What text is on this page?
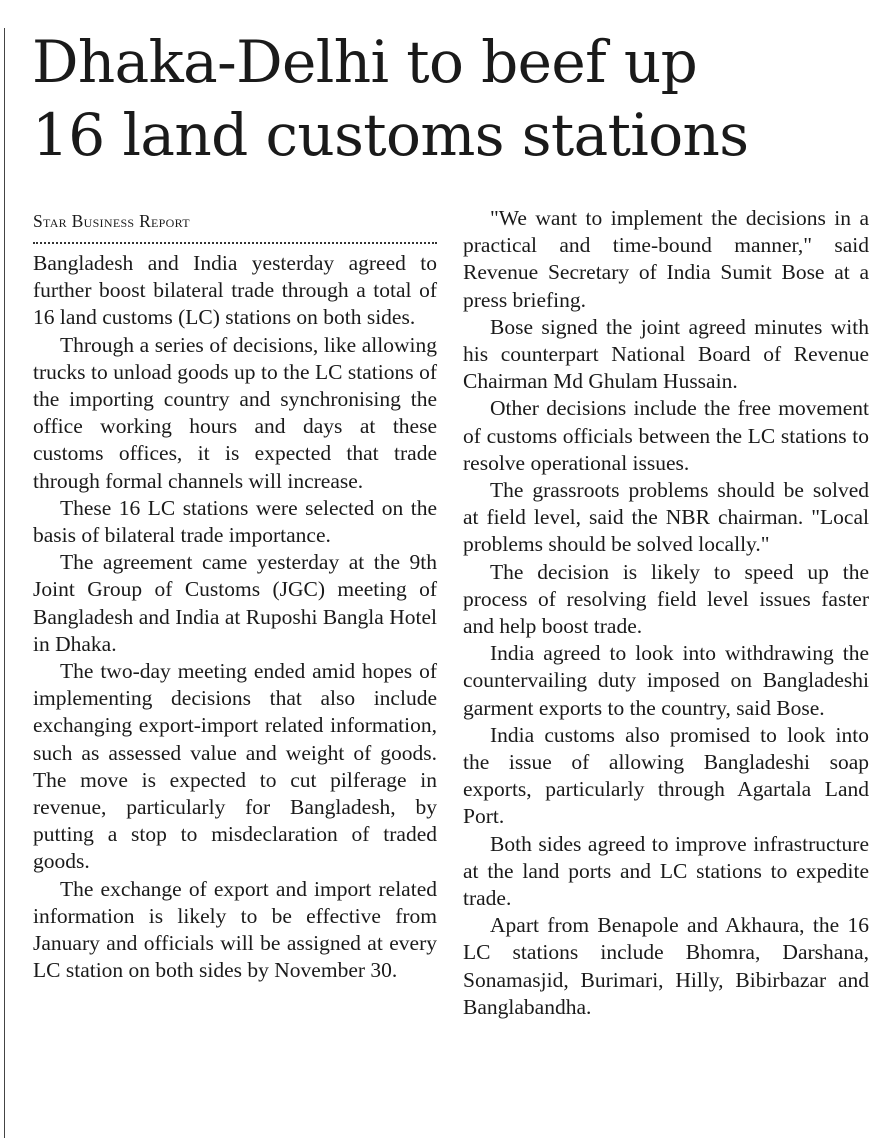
Dhaka-Delhi to beef up
16 land customs stations
Star Business Report

Bangladesh and India yesterday agreed to further boost bilateral trade through a total of 16 land customs (LC) stations on both sides.

Through a series of decisions, like allowing trucks to unload goods up to the LC stations of the importing country and synchronising the office working hours and days at these customs offices, it is expected that trade through formal channels will increase.

These 16 LC stations were selected on the basis of bilateral trade importance.

The agreement came yesterday at the 9th Joint Group of Customs (JGC) meeting of Bangladesh and India at Ruposhi Bangla Hotel in Dhaka.

The two-day meeting ended amid hopes of implementing decisions that also include exchanging export-import related information, such as assessed value and weight of goods. The move is expected to cut pilferage in revenue, particularly for Bangladesh, by putting a stop to misdeclaration of traded goods.

The exchange of export and import related information is likely to be effective from January and officials will be assigned at every LC station on both sides by November 30.

"We want to implement the decisions in a practical and time-bound manner," said Revenue Secretary of India Sumit Bose at a press briefing.

Bose signed the joint agreed minutes with his counterpart National Board of Revenue Chairman Md Ghulam Hussain.

Other decisions include the free movement of customs officials between the LC stations to resolve operational issues.

The grassroots problems should be solved at field level, said the NBR chairman. "Local problems should be solved locally."

The decision is likely to speed up the process of resolving field level issues faster and help boost trade.

India agreed to look into withdrawing the countervailing duty imposed on Bangladeshi garment exports to the country, said Bose.

India customs also promised to look into the issue of allowing Bangladeshi soap exports, particularly through Agartala Land Port.

Both sides agreed to improve infrastructure at the land ports and LC stations to expedite trade.

Apart from Benapole and Akhaura, the 16 LC stations include Bhomra, Darshana, Sonamasjid, Burimari, Hilly, Bibirbazar and Banglabandha.
